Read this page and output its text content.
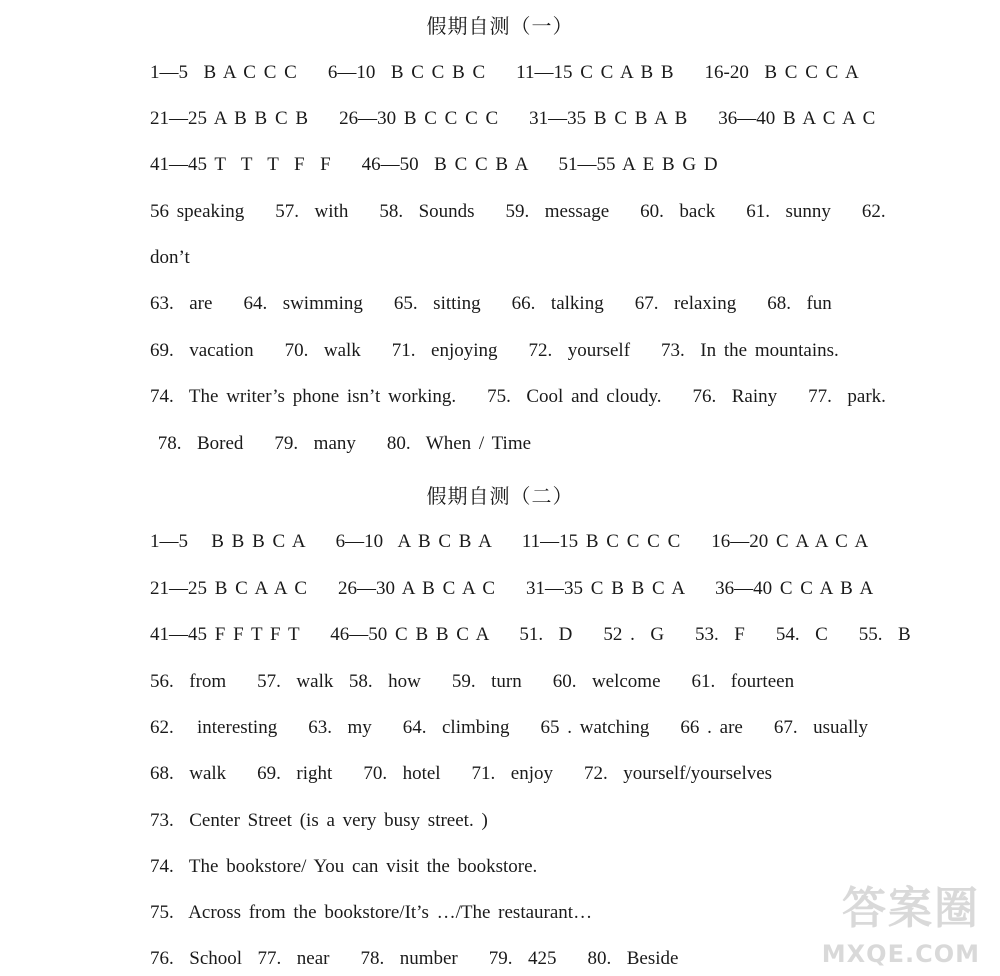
假期自测（一）
1—5  B A C C C    6—10  B C C B C    11—15 C C A B B    16-20  B C C C A
21—25 A B B C B    26—30 B C C C C    31—35 B C B A B    36—40 B A C A C
41—45 T  T  T  F  F    46—50  B C C B A    51—55 A E B G D
56 speaking    57.  with    58.  Sounds    59.  message    60.  back    61.  sunny    62.
don’t
63.  are    64.  swimming    65.  sitting    66.  talking    67.  relaxing    68.  fun
69.  vacation    70.  walk    71.  enjoying    72.  yourself    73.  In the mountains.
74.  The writer’s phone isn’t working.    75.  Cool and cloudy.    76.  Rainy    77.  park.
78.  Bored    79.  many    80.  When / Time
假期自测（二）
1—5   B B B C A    6—10  A B C B A    11—15 B C C C C    16—20 C A A C A
21—25 B C A A C    26—30 A B C A C    31—35 C B B C A    36—40 C C A B A
41—45 F F T F T    46—50 C B B C A    51.  D    52 .  G    53.  F    54.  C    55.  B
56.  from    57.  walk  58.  how    59.  turn    60.  welcome    61.  fourteen
62.   interesting    63.  my    64.  climbing    65 . watching    66 . are    67.  usually
68.  walk    69.  right    70.  hotel    71.  enjoy    72.  yourself/yourselves
73.  Center Street (is a very busy street. )
74.  The bookstore/ You can visit the bookstore.
75.  Across from the bookstore/It’s …/The restaurant…
76.  School  77.  near    78.  number    79.  425    80.  Beside
答案圈
MXQE.COM
